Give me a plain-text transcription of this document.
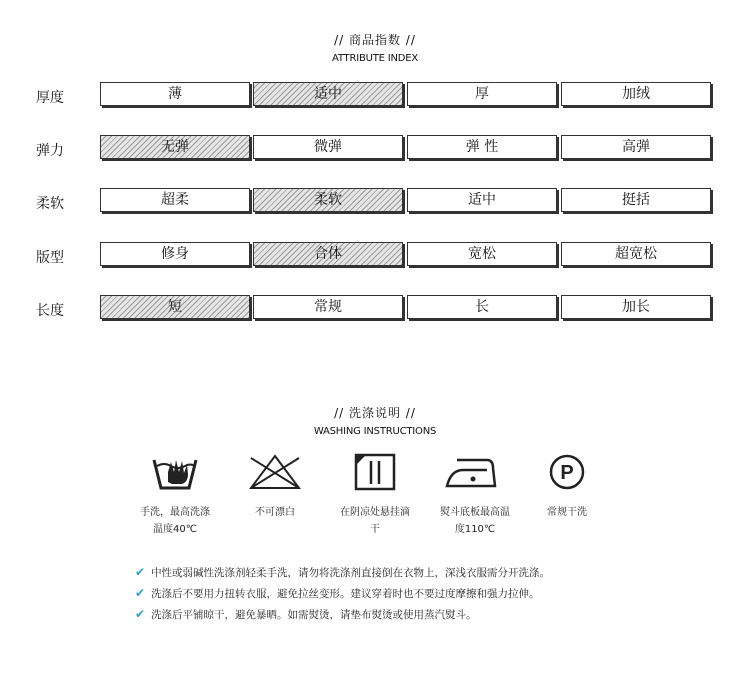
// 商品指数 //
ATTRIBUTE INDEX
厚度	薄	适中	厚	加绒
弹力	无弹	微弹	弹 性	高弹
柔软	超柔	柔软	适中	挺括
版型	修身	合体	宽松	超宽松
长度	短	常规	长	加长
// 洗涤说明 //
WASHING INSTRUCTIONS
手洗，最高洗涤
温度40℃
不可漂白	在阴凉处悬挂滴
干
熨斗底板最高温
度110℃
P
常规干洗
✔ 中性或弱碱性洗涤剂轻柔手洗，请勿将洗涤剂直接倒在衣物上，深浅衣服需分开洗涤。
✔ 洗涤后不要用力扭转衣服，避免拉丝变形。建议穿着时也不要过度摩擦和强力拉伸。
✔ 洗涤后平铺晾干，避免暴晒。如需熨烫，请垫布熨烫或使用蒸汽熨斗。
